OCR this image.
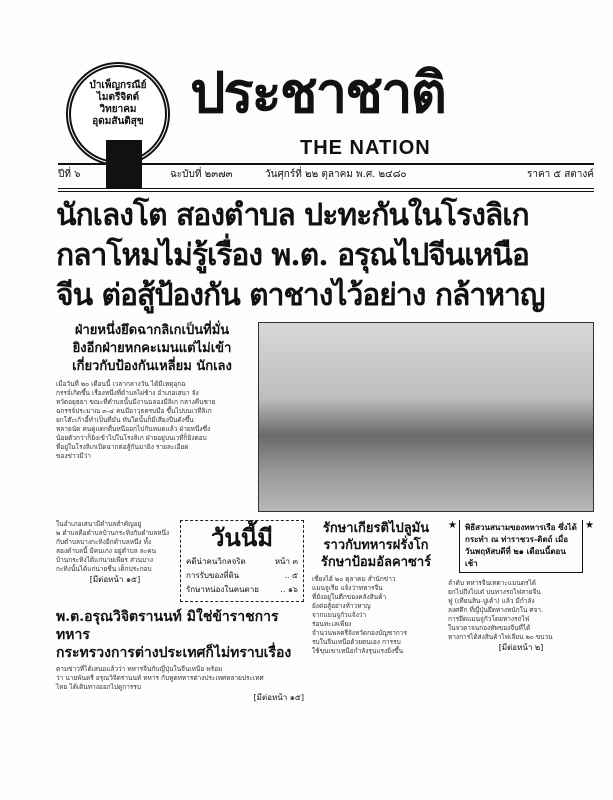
บำเพ็ญกรณีย์
ไมตรีจิตต์
วิทยาคม
อุดมสันติสุข ประชาชาติ
THE NATION
ปีที่ ๖	ฉะบับที่ ๒๓๗๓	วันศุกร์ที่ ๒๒ ตุลาคม พ.ศ. ๒๔๘๐	ราคา ๕ สตางค์
นักเลงโต สองตำบล ปะทะกันในโรงลิเก
กลาโหมไม่รู้เรื่อง พ.ต. อรุณไปจีนเหนือ
จีน ต่อสู้ป้องกัน ตาชางไว้อย่าง กล้าหาญ
ฝ่ายหนึ่งยึดฉากลิเกเป็นที่มั่น
ยิงอีกฝ่ายหกคะเมนแต่ไม่เข้า
เกี่ยวกับป้องกันเหลี่ยม นักเลง
เมื่อวันที่ ๒๐ เดือนนี้ เวลากลางวัน ได้มีเหตุอุกฉ
กรรจ์เกิดขึ้น เรื่องหนึ่งที่ตำบลไผ่ช้าง อำเภอเสนา จัง
หวัดอยุธยา ขณะที่ตำบลนั้นมีงานฉลองมีลิเก กลางคืนชาย
ฉกรรจ์ประมาณ ๓-๔ คนมีอาวุธครบมือ ขึ้นไปบนเวทีลิเก
ยกโต๊ะเก้าอี้ทำเป็นที่มั่น ทันใดนั้นก็มีเสียงปืนดังขึ้น
หลายนัด คนดูแตกตื่นหนีออกไปกันหมดแล้ว ฝ่ายหนึ่งซึ่ง
น้อยตัวกว่าก็ยิงเข้าไปในโรงลิเก ฝ่ายอยู่บนเวทีก็ยิงตอบ
ที่อยู่ในโรงลิเกเปิดฉากต่อสู้กันมายิง รายละเอียด
ของข่าวมีว่า
ในอำเภอเสนามีตำบลสำคัญอยู่
๒ ตำบลคือตำบลบ้านกระทิงกับตำบลหนึ่ง
กับตำบลบางกะทิงอีกตำบลหนึ่ง ทั้ง
สองตำบลนี้ มีคนเก่ง อยู่ตำบล ละคน
บ้านกระทิงได้แก่นายเพียร ส่วนบาง
กะทิงนั้นได้แก่นายชื่น เด็กประกอบ
[มีต่อหน้า ๑๕]
วันนี้มี
คดีน่าคนวิกลจริต	หน้า ๓
การรับของที่ดิน	.. ๕
รักษาหน่องในคนตาย	.. ๑๖
พ.ต.อรุณวิจิตรานนท์ มิใช่ข้าราชการทหาร
กระทรวงการต่างประเทศก็ไม่ทราบเรื่อง
ตามข่าวที่ได้เสนอแล้วว่า ทหารจีนกับญี่ปุ่นในจีนเหนือ พร้อม
ว่า นายพันตรี อรุณวิจิตรานนท์ ทหาร กับทูตทหารต่างประเทศหลายประเทศ
ไทย ได้เดินทางออกไปดูการรบ
[มีต่อหน้า ๑๕]
รักษาเกียรติไปลูมัน
ราวกับทหารฝรั่งโก
รักษาป้อมอัลคาซาร์
เซี่ยงไฮ้ ๒๐ ตุลาคม สำนักข่าว
แมนจูเรีย แจ้งว่าทหารจีน
ที่ยังอยู่ในตึกของคลังสินค้า
ยังต่อสู้อย่างห้าวหาญ
จากแมนจูกัวแจ้งว่า
ร่อนทะเลเพียง
จำนวนพลตรีจังหวัดกองบัญชาการ
รบในจีนเหนือด้วยตนเอง การรบ
ใช้ขุนเขาเหนือกำลังรุนแรงยิ่งขึ้น
★	พิธีสวนสนามของทหารเรือ ซึ่งได้กระทำ ณ ท่าราชวร-ดิตถ์ เมื่อวันพฤหัสบดีที่ ๒๑ เดือนนี้ตอนเช้า
★
ลำดับ ทหารจีนเทดาะแมนตรได้
ยกไปถึงไปเต๋ บนทางรถไฟสายจีน
ฟู (เทียนสิน-ปูเค้า) แล้ว มีกำลัง
ลงศตึก ที่ญี่ปุ่นยึดทางหนักใน ศจา.
การยึดแมนจูกัวโดยทางรถไฟ
ในจวดาจนกองทัพของจีนที่ได้
ทางการได้ส่งสินค้าไฟเลียน ๒๐ ขบวน
[มีต่อหน้า ๒]
